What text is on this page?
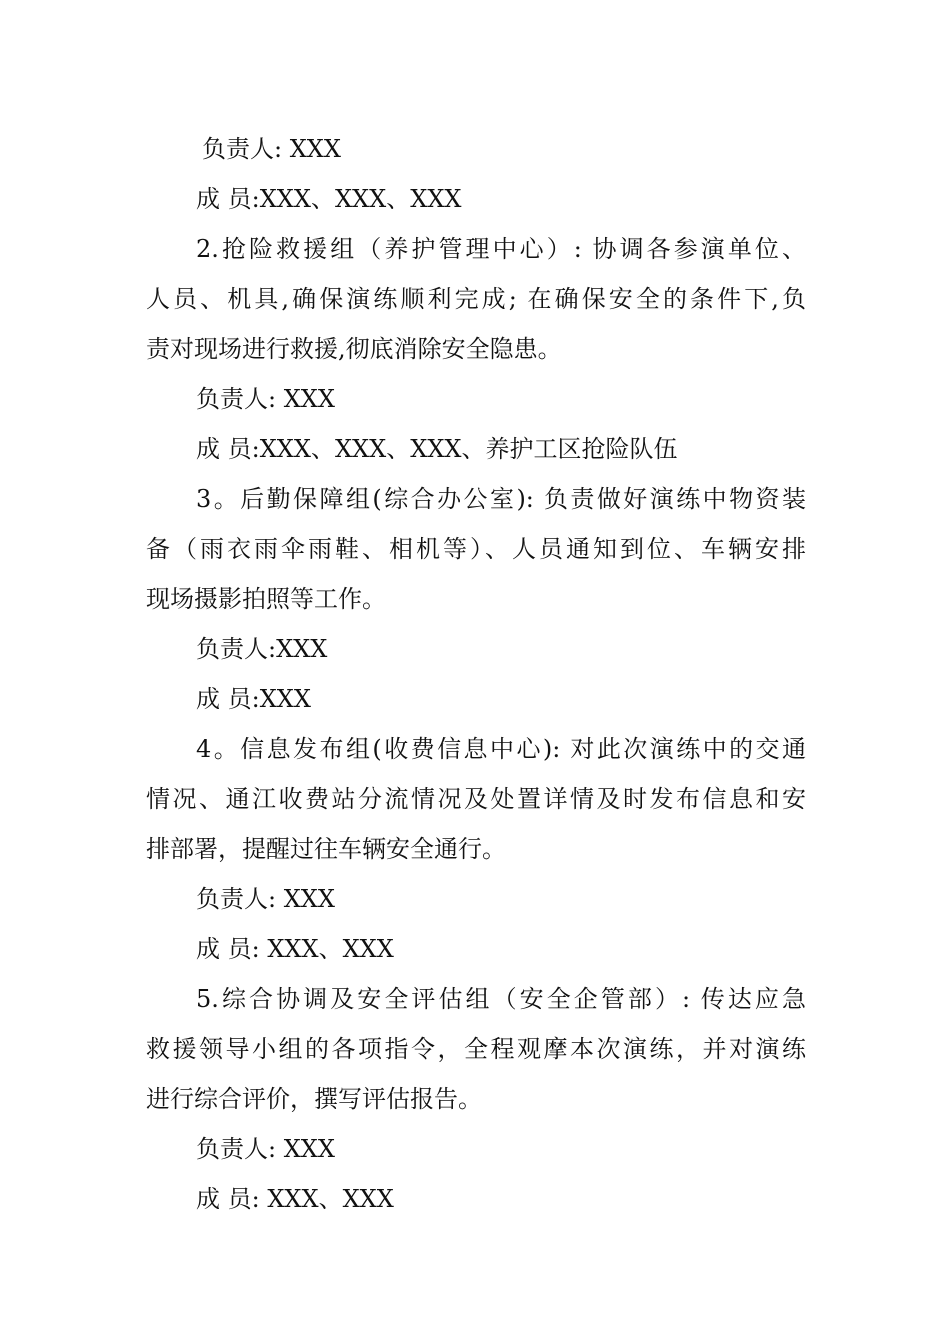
负责人: XXX
成 员:XXX、XXX、XXX
2.抢险救援组（养护管理中心）: 协调各参演单位、
人员、机具,确保演练顺利完成; 在确保安全的条件下,负
责对现场进行救援,彻底消除安全隐患。
负责人: XXX
成 员:XXX、XXX、XXX、养护工区抢险队伍
3。后勤保障组(综合办公室): 负责做好演练中物资装
备（雨衣雨伞雨鞋、相机等）、人员通知到位、车辆安排
现场摄影拍照等工作。
负责人:XXX
成 员:XXX
4。信息发布组(收费信息中心): 对此次演练中的交通
情况、通江收费站分流情况及处置详情及时发布信息和安
排部署，提醒过往车辆安全通行。
负责人: XXX
成 员: XXX、XXX
5.综合协调及安全评估组（安全企管部）: 传达应急
救援领导小组的各项指令，全程观摩本次演练，并对演练
进行综合评价，撰写评估报告。
负责人: XXX
成 员: XXX、XXX
